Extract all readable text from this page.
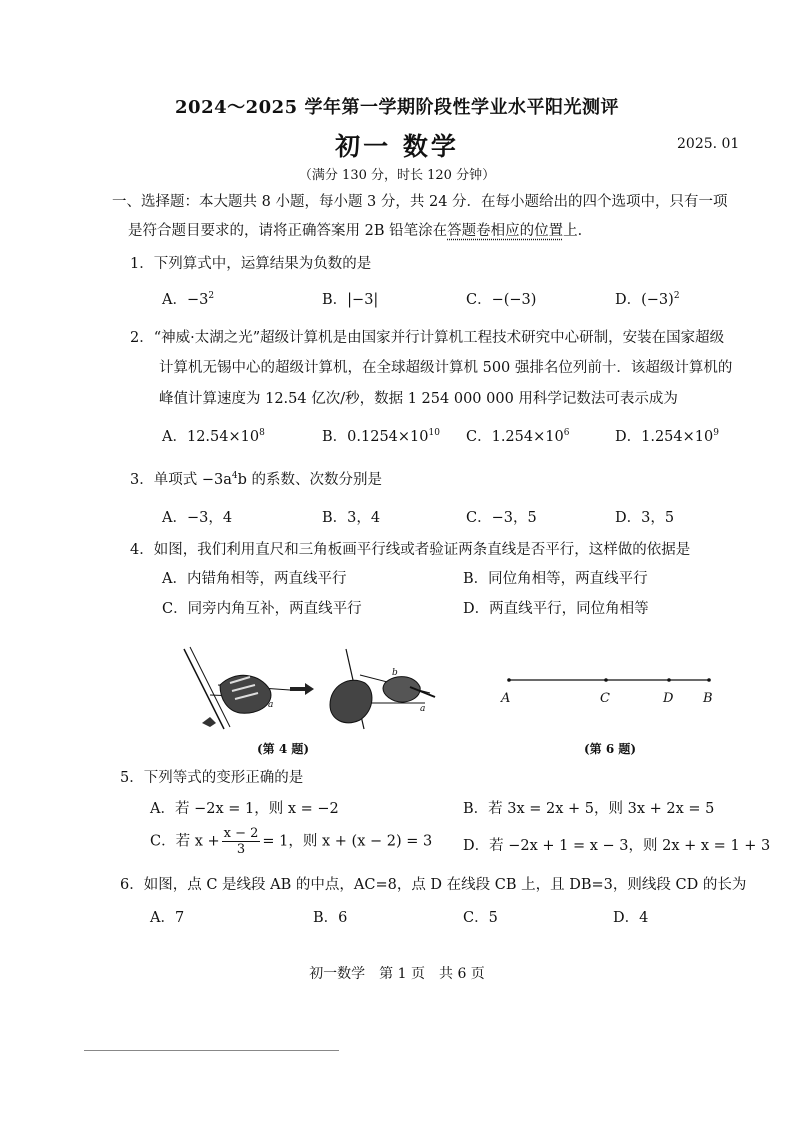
2024～2025 学年第一学期阶段性学业水平阳光测评
初一 数学	2025. 01
（满分 130 分，时长 120 分钟）
一、选择题：本大题共 8 小题，每小题 3 分，共 24 分．在每小题给出的四个选项中，只有一项是符合题目要求的，请将正确答案用 2B 铅笔涂在答题卷相应的位置上．
1．下列算式中，运算结果为负数的是
A．$-3^2$	B．|−3|	C．−(−3)	D．$(-3)^2$
2．“神威·太湖之光”超级计算机是由国家并行计算机工程技术研究中心研制，安装在国家超级
计算机无锡中心的超级计算机，在全球超级计算机 500 强排名位列前十．该超级计算机的
峰值计算速度为 12.54 亿次/秒，数据 1 254 000 000 用科学记数法可表示成为
A．$12.54\times 10^8$	B．$0.1254\times 10^{10}$ C．$1.254\times 10^6$	D．$1.254\times 10^9$
3．单项式 $-3a^4b$ 的系数、次数分别是
A．−3，4	B．3，4	C．−3，5	D．3，5
4．如图，我们利用直尺和三角板画平行线或者验证两条直线是否平行，这样做的依据是
A．内错角相等，两直线平行	B．同位角相等，两直线平行
C．同旁内角互补，两直线平行	D．两直线平行，同位角相等
a
b
a
(第 4 题)
A	C	D B
(第 6 题)
5．下列等式的变形正确的是
A．若 −2x = 1，则 x = −2	B．若 3x = 2x + 5，则 3x + 2x = 5
C．若 $x + \frac{x - 2}{3} = 1$，则 x + (x − 2) = 3 D．若 −2x + 1 = x − 3，则 2x + x = 1 + 3
6．如图，点 C 是线段 AB 的中点，AC=8，点 D 在线段 CB 上，且 DB=3，则线段 CD 的长为
A．7	B．6	C．5	D．4
初一数学　第 1 页　共 6 页
